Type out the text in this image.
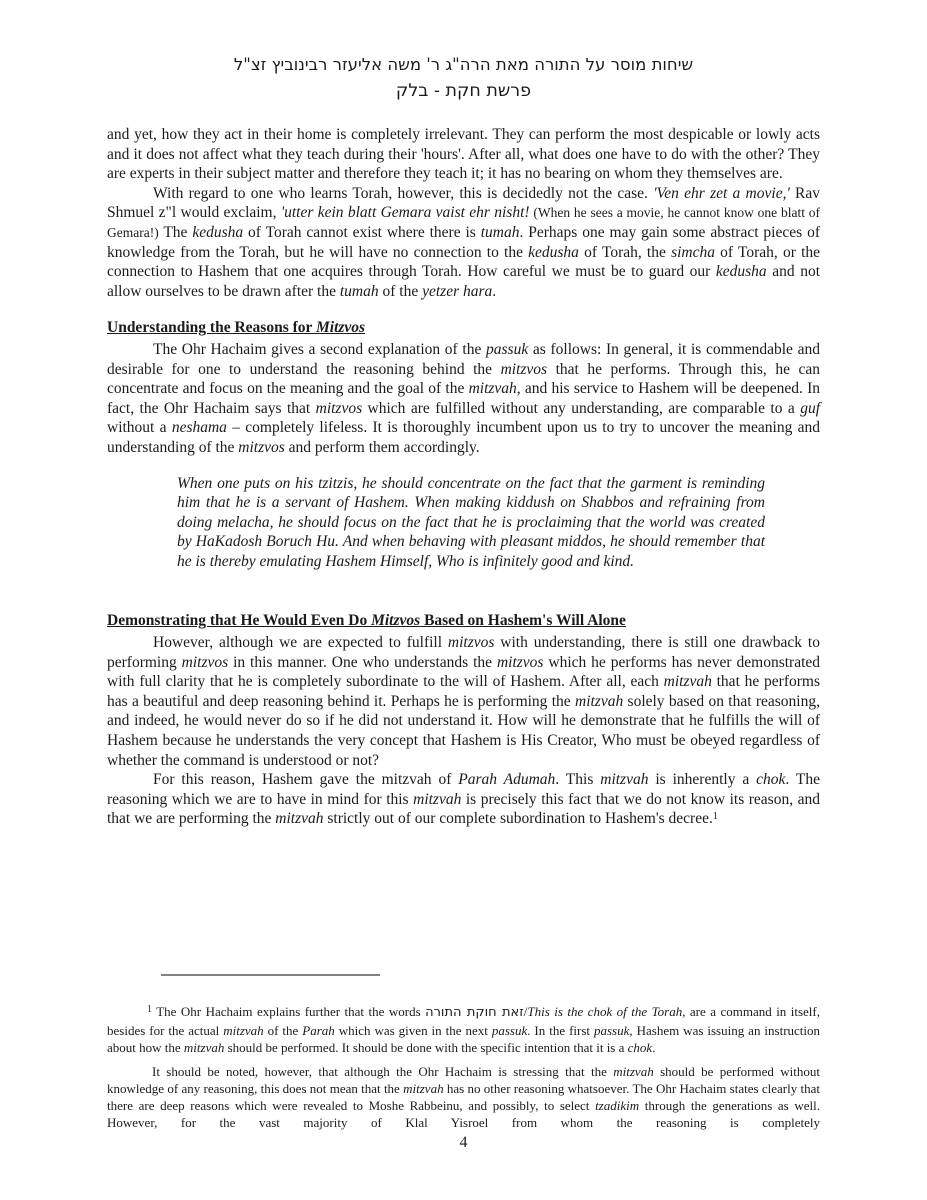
שיחות מוסר על התורה מאת הרה"ג ר' משה אליעזר רבינוביץ זצ"ל
פרשת חקת - בלק

and yet, how they act in their home is completely irrelevant. They can perform the most despicable or lowly acts and it does not affect what they teach during their 'hours'. After all, what does one have to do with the other? They are experts in their subject matter and therefore they teach it; it has no bearing on whom they themselves are.

With regard to one who learns Torah, however, this is decidedly not the case. 'Ven ehr zet a movie,' Rav Shmuel z"l would exclaim, 'utter kein blatt Gemara vaist ehr nisht! (When he sees a movie, he cannot know one blatt of Gemara!) The kedusha of Torah cannot exist where there is tumah. Perhaps one may gain some abstract pieces of knowledge from the Torah, but he will have no connection to the kedusha of Torah, the simcha of Torah, or the connection to Hashem that one acquires through Torah. How careful we must be to guard our kedusha and not allow ourselves to be drawn after the tumah of the yetzer hara.

Understanding the Reasons for Mitzvos

The Ohr Hachaim gives a second explanation of the passuk as follows: In general, it is commendable and desirable for one to understand the reasoning behind the mitzvos that he performs. Through this, he can concentrate and focus on the meaning and the goal of the mitzvah, and his service to Hashem will be deepened. In fact, the Ohr Hachaim says that mitzvos which are fulfilled without any understanding, are comparable to a guf without a neshama – completely lifeless. It is thoroughly incumbent upon us to try to uncover the meaning and understanding of the mitzvos and perform them accordingly.

When one puts on his tzitzis, he should concentrate on the fact that the garment is reminding him that he is a servant of Hashem. When making kiddush on Shabbos and refraining from doing melacha, he should focus on the fact that he is proclaiming that the world was created by HaKadosh Boruch Hu. And when behaving with pleasant middos, he should remember that he is thereby emulating Hashem Himself, Who is infinitely good and kind.

Demonstrating that He Would Even Do Mitzvos Based on Hashem's Will Alone

However, although we are expected to fulfill mitzvos with understanding, there is still one drawback to performing mitzvos in this manner. One who understands the mitzvos which he performs has never demonstrated with full clarity that he is completely subordinate to the will of Hashem. After all, each mitzvah that he performs has a beautiful and deep reasoning behind it. Perhaps he is performing the mitzvah solely based on that reasoning, and indeed, he would never do so if he did not understand it. How will he demonstrate that he fulfills the will of Hashem because he understands the very concept that Hashem is His Creator, Who must be obeyed regardless of whether the command is understood or not?

For this reason, Hashem gave the mitzvah of Parah Adumah. This mitzvah is inherently a chok. The reasoning which we are to have in mind for this mitzvah is precisely this fact that we do not know its reason, and that we are performing the mitzvah strictly out of our complete subordination to Hashem's decree.$^1$

$^1$ The Ohr Hachaim explains further that the words זאת חוקת התורה/This is the chok of the Torah, are a command in itself, besides for the actual mitzvah of the Parah which was given in the next passuk. In the first passuk, Hashem was issuing an instruction about how the mitzvah should be performed. It should be done with the specific intention that it is a chok.

It should be noted, however, that although the Ohr Hachaim is stressing that the mitzvah should be performed without knowledge of any reasoning, this does not mean that the mitzvah has no other reasoning whatsoever. The Ohr Hachaim states clearly that there are deep reasons which were revealed to Moshe Rabbeinu, and possibly, to select tzadikim through the generations as well. However, for the vast majority of Klal Yisroel from whom the reasoning is completely

4
